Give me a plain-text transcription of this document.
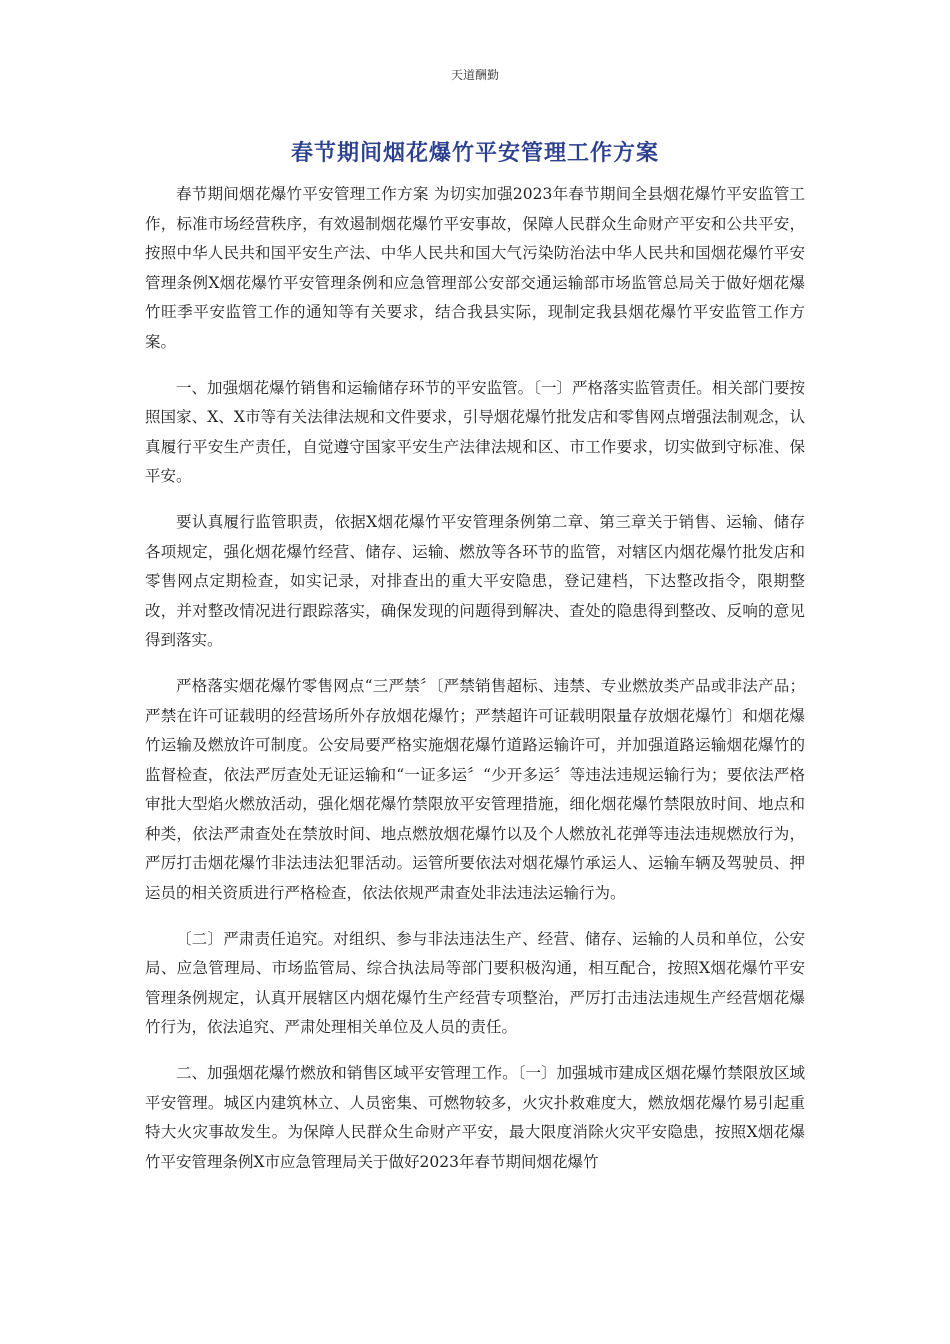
天道酬勤
春节期间烟花爆竹平安管理工作方案

春节期间烟花爆竹平安管理工作方案 为切实加强2023年春节期间全县烟花爆竹平安监管工作，标准市场经营秩序，有效遏制烟花爆竹平安事故，保障人民群众生命财产平安和公共平安，按照中华人民共和国平安生产法、中华人民共和国大气污染防治法中华人民共和国烟花爆竹平安管理条例X烟花爆竹平安管理条例和应急管理部公安部交通运输部市场监管总局关于做好烟花爆竹旺季平安监管工作的通知等有关要求，结合我县实际，现制定我县烟花爆竹平安监管工作方案。

一、加强烟花爆竹销售和运输储存环节的平安监管。〔一〕严格落实监管责任。相关部门要按照国家、X、X市等有关法律法规和文件要求，引导烟花爆竹批发店和零售网点增强法制观念，认真履行平安生产责任，自觉遵守国家平安生产法律法规和区、市工作要求，切实做到守标准、保平安。

要认真履行监管职责，依据X烟花爆竹平安管理条例第二章、第三章关于销售、运输、储存各项规定，强化烟花爆竹经营、储存、运输、燃放等各环节的监管，对辖区内烟花爆竹批发店和零售网点定期检查，如实记录，对排查出的重大平安隐患，登记建档，下达整改指令，限期整改，并对整改情况进行跟踪落实，确保发现的问题得到解决、查处的隐患得到整改、反响的意见得到落实。

严格落实烟花爆竹零售网点“三严禁〞〔严禁销售超标、违禁、专业燃放类产品或非法产品；严禁在许可证载明的经营场所外存放烟花爆竹；严禁超许可证载明限量存放烟花爆竹〕和烟花爆竹运输及燃放许可制度。公安局要严格实施烟花爆竹道路运输许可，并加强道路运输烟花爆竹的监督检查，依法严厉查处无证运输和“一证多运〞“少开多运〞等违法违规运输行为；要依法严格审批大型焰火燃放活动，强化烟花爆竹禁限放平安管理措施，细化烟花爆竹禁限放时间、地点和种类，依法严肃查处在禁放时间、地点燃放烟花爆竹以及个人燃放礼花弹等违法违规燃放行为，严厉打击烟花爆竹非法违法犯罪活动。运管所要依法对烟花爆竹承运人、运输车辆及驾驶员、押运员的相关资质进行严格检查，依法依规严肃查处非法违法运输行为。

〔二〕严肃责任追究。对组织、参与非法违法生产、经营、储存、运输的人员和单位，公安局、应急管理局、市场监管局、综合执法局等部门要积极沟通，相互配合，按照X烟花爆竹平安管理条例规定，认真开展辖区内烟花爆竹生产经营专项整治，严厉打击违法违规生产经营烟花爆竹行为，依法追究、严肃处理相关单位及人员的责任。

二、加强烟花爆竹燃放和销售区域平安管理工作。〔一〕加强城市建成区烟花爆竹禁限放区域平安管理。城区内建筑林立、人员密集、可燃物较多，火灾扑救难度大，燃放烟花爆竹易引起重特大火灾事故发生。为保障人民群众生命财产平安，最大限度消除火灾平安隐患，按照X烟花爆竹平安管理条例X市应急管理局关于做好2023年春节期间烟花爆竹
